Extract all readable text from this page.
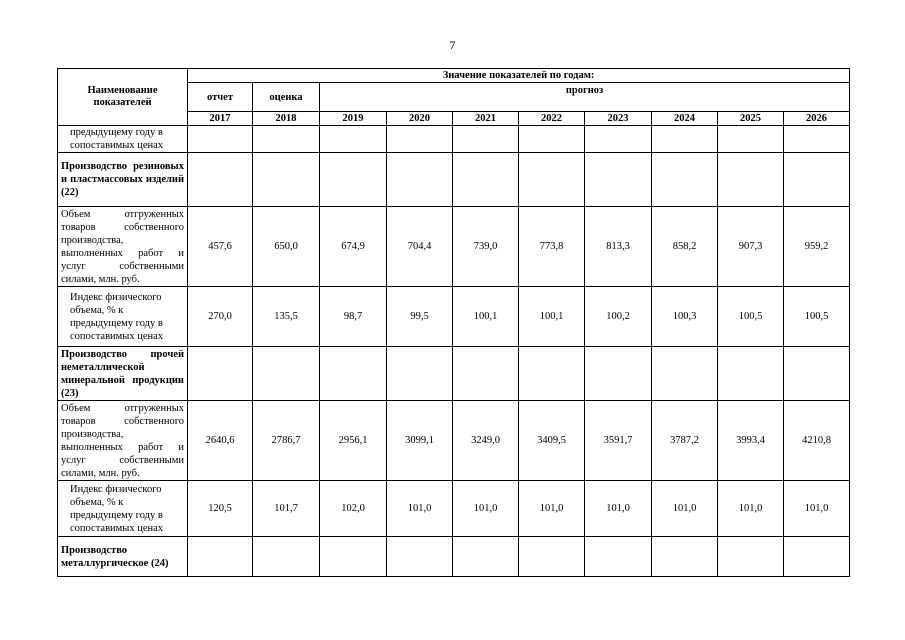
7
Наименование показателей	Значение показателей по годам:									
	отчет	оценка	прогноз							
	2017	2018	2019	2020	2021	2022	2023	2024	2025	2026
предыдущему году в сопоставимых ценах										
Производство резиновых и пластмассовых изделий (22)										
Объем отгруженных товаров собственного производства, выполненных работ и услуг собственными силами, млн. руб.	457,6	650,0	674,9	704,4	739,0	773,8	813,3	858,2	907,3	959,2
Индекс физического объема, % к предыдущему году в сопоставимых ценах	270,0	135,5	98,7	99,5	100,1	100,1	100,2	100,3	100,5	100,5
Производство прочей неметаллической минеральной продукции (23)										
Объем отгруженных товаров собственного производства, выполненных работ и услуг собственными силами, млн. руб.	2640,6	2786,7	2956,1	3099,1	3249,0	3409,5	3591,7	3787,2	3993,4	4210,8
Индекс физического объема, % к предыдущему году в сопоставимых ценах	120,5	101,7	102,0	101,0	101,0	101,0	101,0	101,0	101,0	101,0
Производство металлургическое (24)										
